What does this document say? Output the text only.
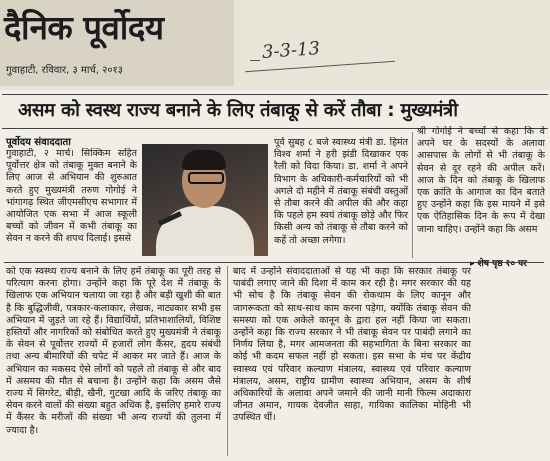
दैनिक पूर्वोदय
गुवाहाटी, रविवार, ३ मार्च, २०१३
3-3-13
असम को स्वस्थ राज्य बनाने के लिए तंबाकू से करें तौबा : मुख्यमंत्री
पूर्वोदय संवाददाता
गुवाहाटी, २ मार्च। सिक्किम सहित पूर्वोत्तर क्षेत्र को तंबाकू मुक्त बनाने के लिए आज से अभियान की शुरुआत करते हुए मुख्यमंत्री तरुण गोगोई ने भांगागढ़ स्थित जीएमसीएच सभागार में आयोजित एक सभा में आज स्कूली बच्चों को जीवन में कभी तंबाकू का सेवन न करने की शपथ दिलाई। इससे
पूर्व सुबह ८ बजे स्वास्थ्य मंत्री डा. हिमंत विश्व शर्मा ने हरी झंडी दिखाकर एक रैली को विदा किया। डा. शर्मा ने अपने विभाग के अधिकारी-कर्मचारियों को भी अगले दो महीने में तंबाकू संबंधी वस्तुओं से तौबा करने की अपील की और कहा कि पहले हम स्वयं तंबाकू छोड़े और फिर किसी अन्य को तंबाकू से तौबा करने को कहें तो अच्छा लगेगा।
श्री गोगोई ने बच्चों से कहा कि वे अपने घर के सदस्यों के अलावा आसपास के लोगों से भी तंबाकू के सेवन से दूर रहने की अपील करें। आज के दिन को तंबाकू के खिलाफ एक क्रांति के आगाज का दिन बताते हुए उन्होंने कहा कि इस मायने में इसे एक ऐतिहासिक दिन के रूप में देखा जाना चाहिए। उन्होंने कहा कि असम
▸ शेष पृष्ठ १० पर
को एक स्वस्थ्य राज्य बनाने के लिए हमें तंबाकू का पूरी तरह से परित्याग करना होगा। उन्होंने कहा कि पूरे देश में तंबाकू के खिलाफ एक अभियान चलाया जा रहा है और बड़ी खुशी की बात है कि बुद्धिजीवी, पत्रकार-कलाकार, लेखक, नाट्यकार सभी इस अभियान में जुड़ते जा रहे हैं। विद्यार्थियों, प्रतिभाशालियों, विशिष्ट हस्तियों और नागरिकों को संबोधित करते हुए मुख्यमंत्री ने तंबाकू के सेवन से पूर्वोत्तर राज्यों में हजारों लोग कैंसर, हृदय संबंधी तथा अन्य बीमारियों की चपेट में आकर मर जाते हैं। आज के अभियान का मकसद ऐसे लोगों को पहले तो तंबाकू से और बाद में असमय की मौत से बचाना है। उन्होंने कहा कि असम जैसे राज्य में सिगरेट, बीड़ी, खैनी, गुटखा आदि के जरिए तंबाकू का सेवन करने वालों की संख्या बहुत अधिक है, इसलिए हमारे राज्य में कैंसर के मरीजों की संख्या भी अन्य राज्यों की तुलना में ज्यादा है।
बाद में उन्होंने संवाददाताओं से यह भी कहा कि सरकार तंबाकू पर पाबंदी लगाए जाने की दिशा में काम कर रही है। मगर सरकार की यह भी सोच है कि तंबाकू सेवन की रोकथाम के लिए कानून और जागरूकता को साथ-साथ काम करना पड़ेगा, क्योंकि तंबाकू सेवन की समस्या को एक अकेले कानून के द्वारा हल नहीं किया जा सकता। उन्होंने कहा कि राज्य सरकार ने भी तंबाकू सेवन पर पाबंदी लगाने का निर्णय लिया है, मगर आमजनता की सहभागिता के बिना सरकार का कोई भी कदम सफल नहीं हो सकता। इस सभा के मंच पर केंद्रीय स्वास्थ्य एवं परिवार कल्याण मंत्रालय, स्वास्थ्य एवं परिवार कल्याण मंत्रालय, असम, राष्ट्रीय ग्रामीण स्वास्थ्य अभियान, असम के शीर्ष अधिकारियों के अलावा अपने जमाने की जानी मानी फिल्म अदाकारा जीनत अमान, गायक देवजीत साहा, गायिका कालिका मोहिनी भी उपस्थित थीं।
